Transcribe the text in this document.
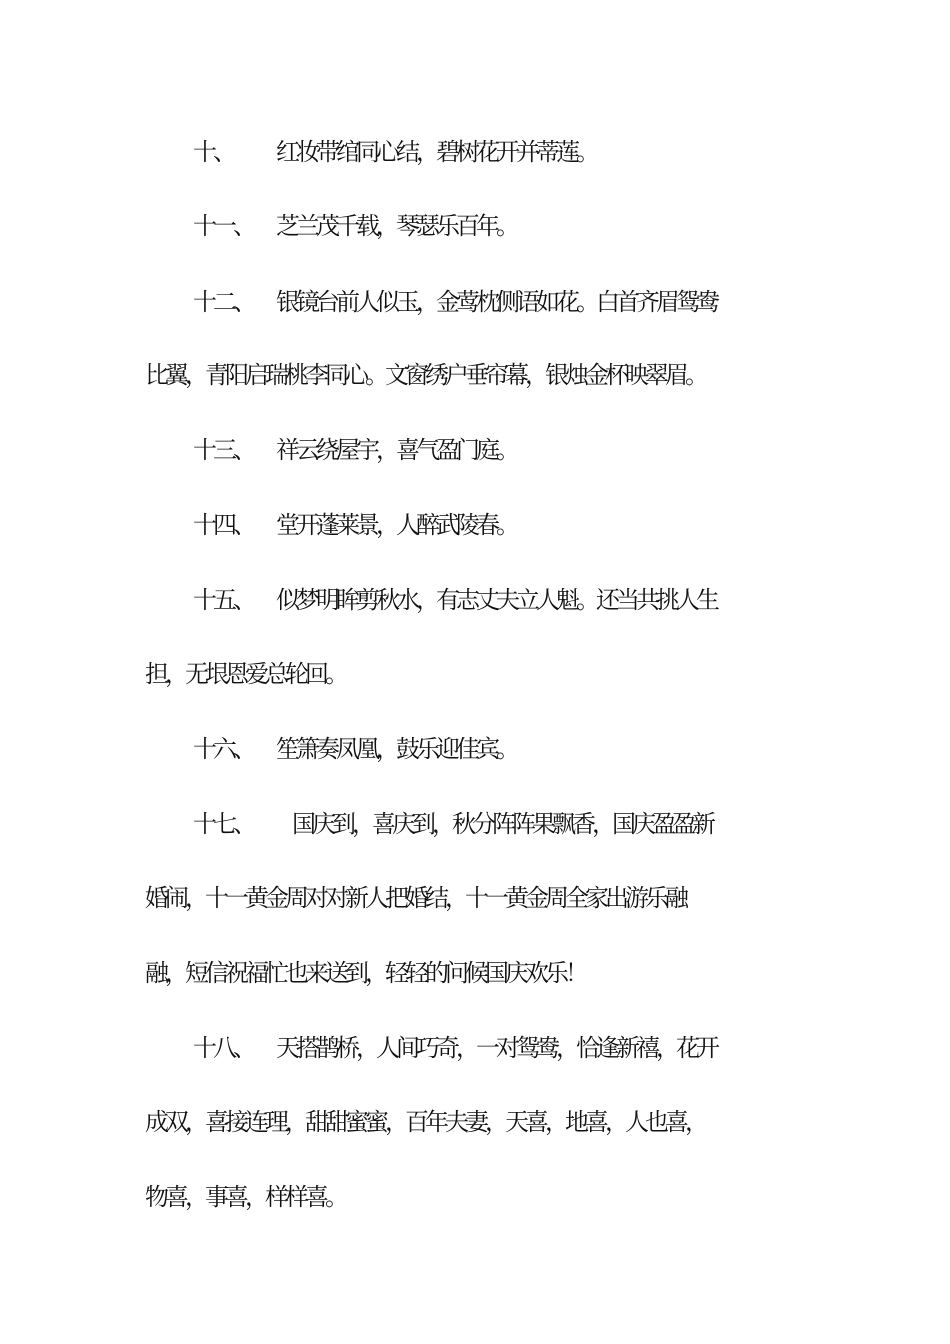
十、 红妆带绾同心结，碧树花开并蒂莲。
十一、 芝兰茂千载，琴瑟乐百年。
十二、 银镜台前人似玉，金莺枕侧语如花。白首齐眉鸳鸯
比翼，青阳启瑞桃李同心。文窗绣户垂帘幕，银烛金杯映翠眉。
十三、 祥云绕屋宇，喜气盈门庭。
十四、 堂开蓬莱景，人醉武陵春。
十五、 似梦明眸剪秋水，有志丈夫立人魁。还当共挑人生
担，无垠恩爱总轮回。
十六、 笙箫奏凤凰，鼓乐迎佳宾。
十七、 国庆到，喜庆到，秋分阵阵果飘香，国庆盈盈新
婚闹，十一黄金周对对新人把婚结，十一黄金周全家出游乐融
融，短信祝福忙也来送到，轻轻的问候国庆欢乐！
十八、 天搭鹊桥，人间巧奇，一对鸳鸯，恰逢新禧，花开
成双，喜接连理，甜甜蜜蜜，百年夫妻，天喜，地喜，人也喜，
物喜，事喜，样样喜。
